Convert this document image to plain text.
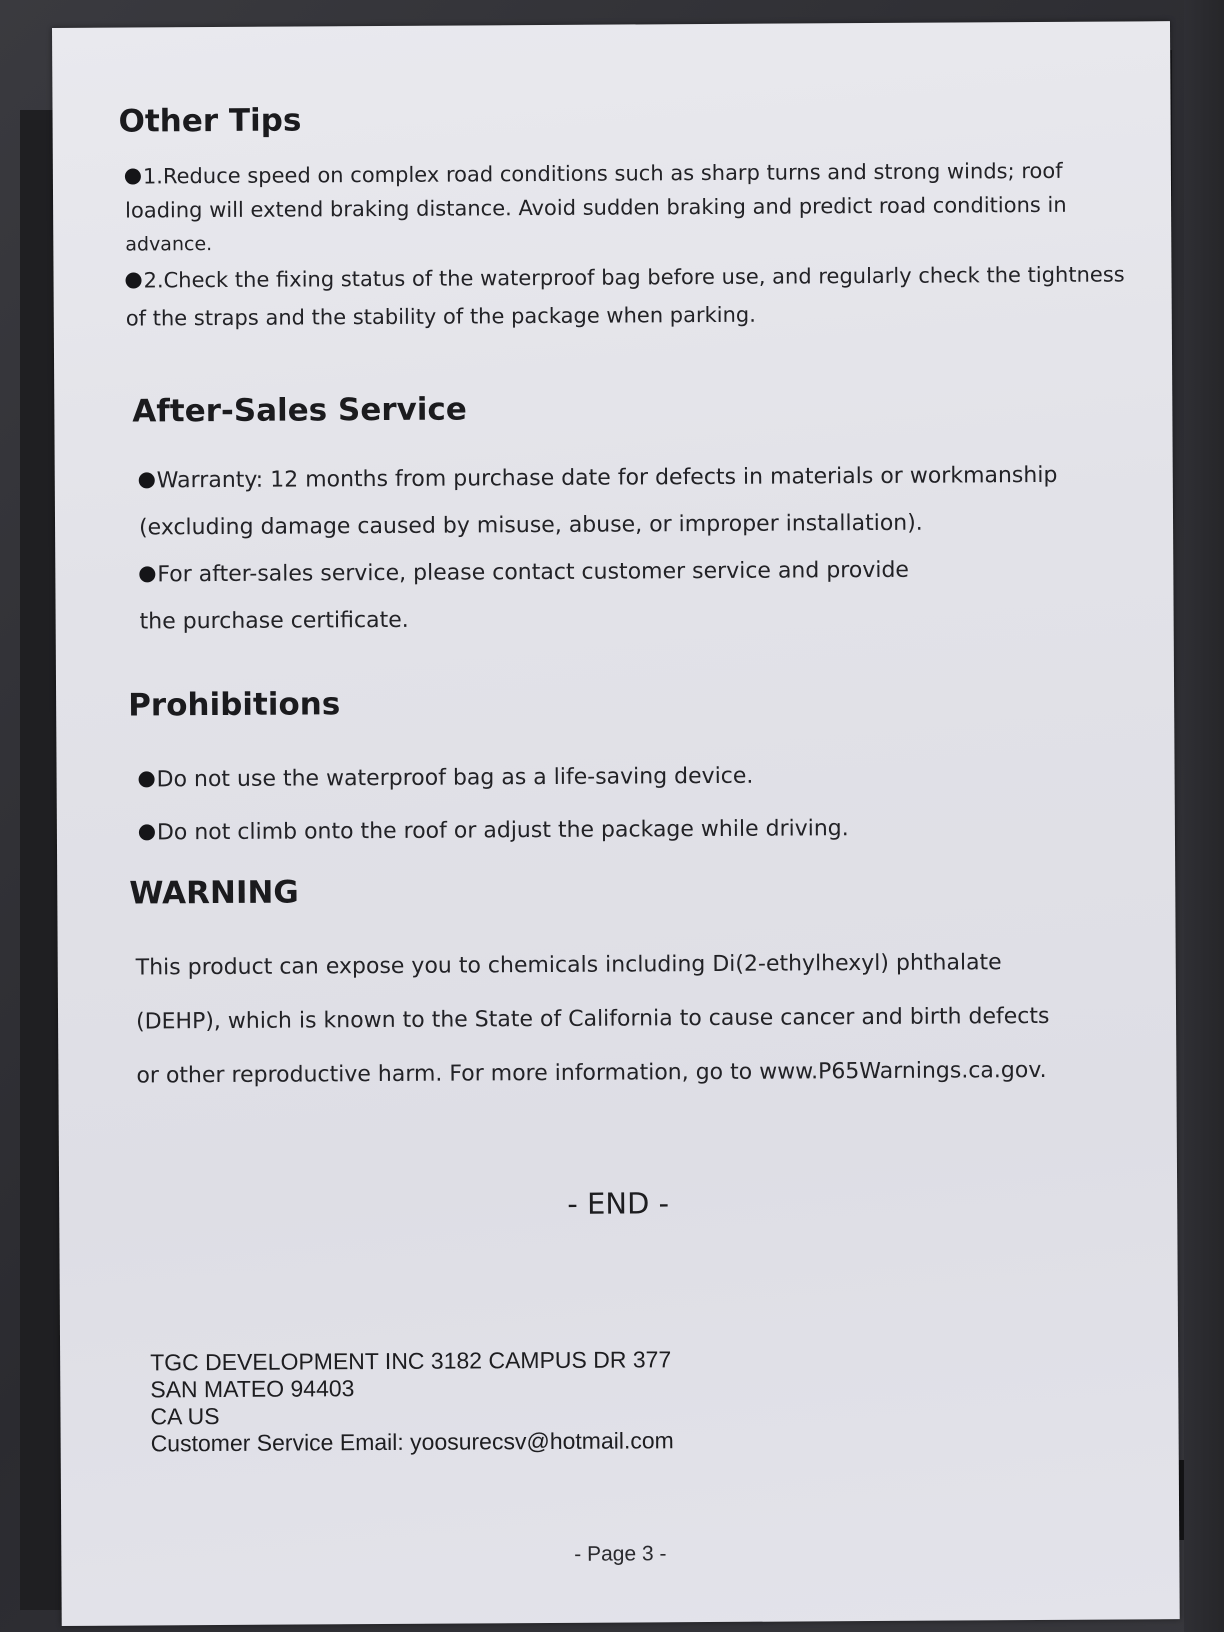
Other Tips
1.Reduce speed on complex road conditions such as sharp turns and strong winds; roof
loading will extend braking distance. Avoid sudden braking and predict road conditions in
advance.
2.Check the fixing status of the waterproof bag before use, and regularly check the tightness
of the straps and the stability of the package when parking.
After-Sales Service
Warranty: 12 months from purchase date for defects in materials or workmanship
(excluding damage caused by misuse, abuse, or improper installation).
For after-sales service, please contact customer service and provide
the purchase certificate.
Prohibitions
Do not use the waterproof bag as a life-saving device.
Do not climb onto the roof or adjust the package while driving.
WARNING
This product can expose you to chemicals including Di(2-ethylhexyl) phthalate
(DEHP), which is known to the State of California to cause cancer and birth defects
or other reproductive harm. For more information, go to www.P65Warnings.ca.gov.
- END -
TGC DEVELOPMENT INC 3182 CAMPUS DR 377
SAN MATEO 94403
CA US
Customer Service Email: yoosurecsv@hotmail.com
- Page 3 -
